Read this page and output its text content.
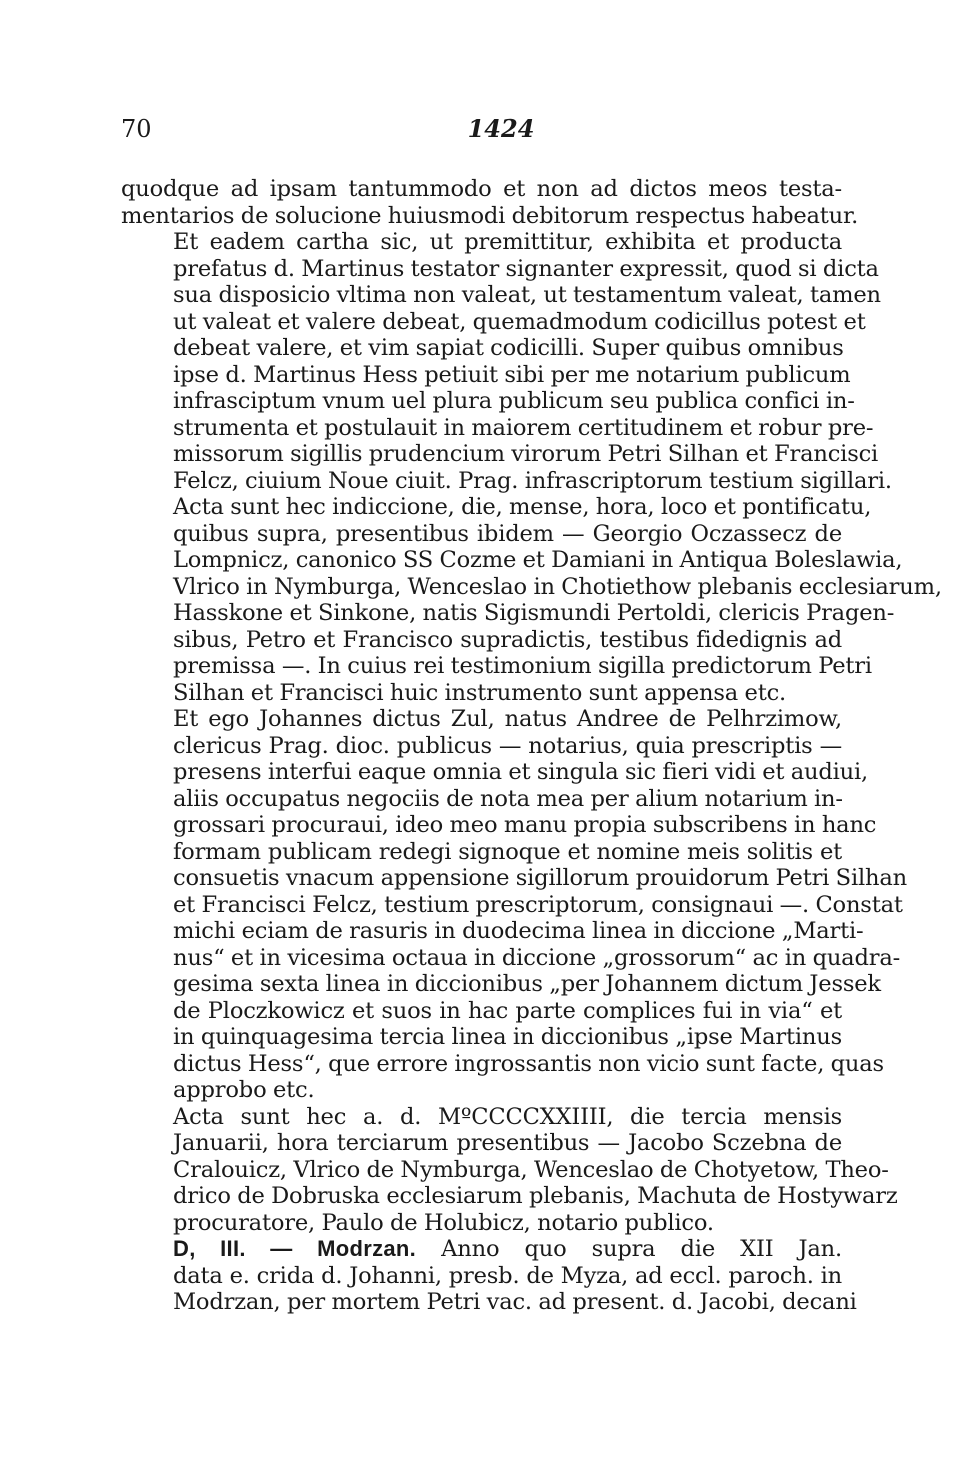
70	1424

quodque ad ipsam tantummodo et non ad dictos meos testa-
mentarios de solucione huiusmodi debitorum respectus habeatur.

Et eadem cartha sic, ut premittitur, exhibita et producta
prefatus d. Martinus testator signanter expressit, quod si dicta
sua disposicio vltima non valeat, ut testamentum valeat, tamen
ut valeat et valere debeat, quemadmodum codicillus potest et
debeat valere, et vim sapiat codicilli. Super quibus omnibus
ipse d. Martinus Hess petiuit sibi per me notarium publicum
infrasciptum vnum uel plura publicum seu publica confici in-
strumenta et postulauit in maiorem certitudinem et robur pre-
missorum sigillis prudencium virorum Petri Silhan et Francisci
Felcz, ciuium Noue ciuit. Prag. infrascriptorum testium sigillari.
Acta sunt hec indiccione, die, mense, hora, loco et pontificatu,
quibus supra, presentibus ibidem — Georgio Oczassecz de
Lompnicz, canonico SS Cozme et Damiani in Antiqua Boleslawia,
Vlrico in Nymburga, Wenceslao in Chotiethow plebanis ecclesiarum,
Hasskone et Sinkone, natis Sigismundi Pertoldi, clericis Pragen-
sibus, Petro et Francisco supradictis, testibus fidedignis ad
premissa —. In cuius rei testimonium sigilla predictorum Petri
Silhan et Francisci huic instrumento sunt appensa etc.

Et ego Johannes dictus Zul, natus Andree de Pelhrzimow,
clericus Prag. dioc. publicus — notarius, quia prescriptis —
presens interfui eaque omnia et singula sic fieri vidi et audiui,
aliis occupatus negociis de nota mea per alium notarium in-
grossari procuraui, ideo meo manu propia subscribens in hanc
formam publicam redegi signoque et nomine meis solitis et
consuetis vnacum appensione sigillorum prouidorum Petri Silhan
et Francisci Felcz, testium prescriptorum, consignaui —. Constat
michi eciam de rasuris in duodecima linea in diccione „Marti-
nus“ et in vicesima octaua in diccione „grossorum“ ac in quadra-
gesima sexta linea in diccionibus „per Johannem dictum Jessek
de Ploczkowicz et suos in hac parte complices fui in via“ et
in quinquagesima tercia linea in diccionibus „ipse Martinus
dictus Hess“, que errore ingrossantis non vicio sunt facte, quas
approbo etc.

Acta sunt hec a. d. MºCCCCXXIIII, die tercia mensis
Januarii, hora terciarum presentibus — Jacobo Sczebna de
Cralouicz, Vlrico de Nymburga, Wenceslao de Chotyetow, Theo-
drico de Dobruska ecclesiarum plebanis, Machuta de Hostywarz
procuratore, Paulo de Holubicz, notario publico.

D, III. — Modrzan. Anno quo supra die XII Jan.
data e. crida d. Johanni, presb. de Myza, ad eccl. paroch. in
Modrzan, per mortem Petri vac. ad present. d. Jacobi, decani
